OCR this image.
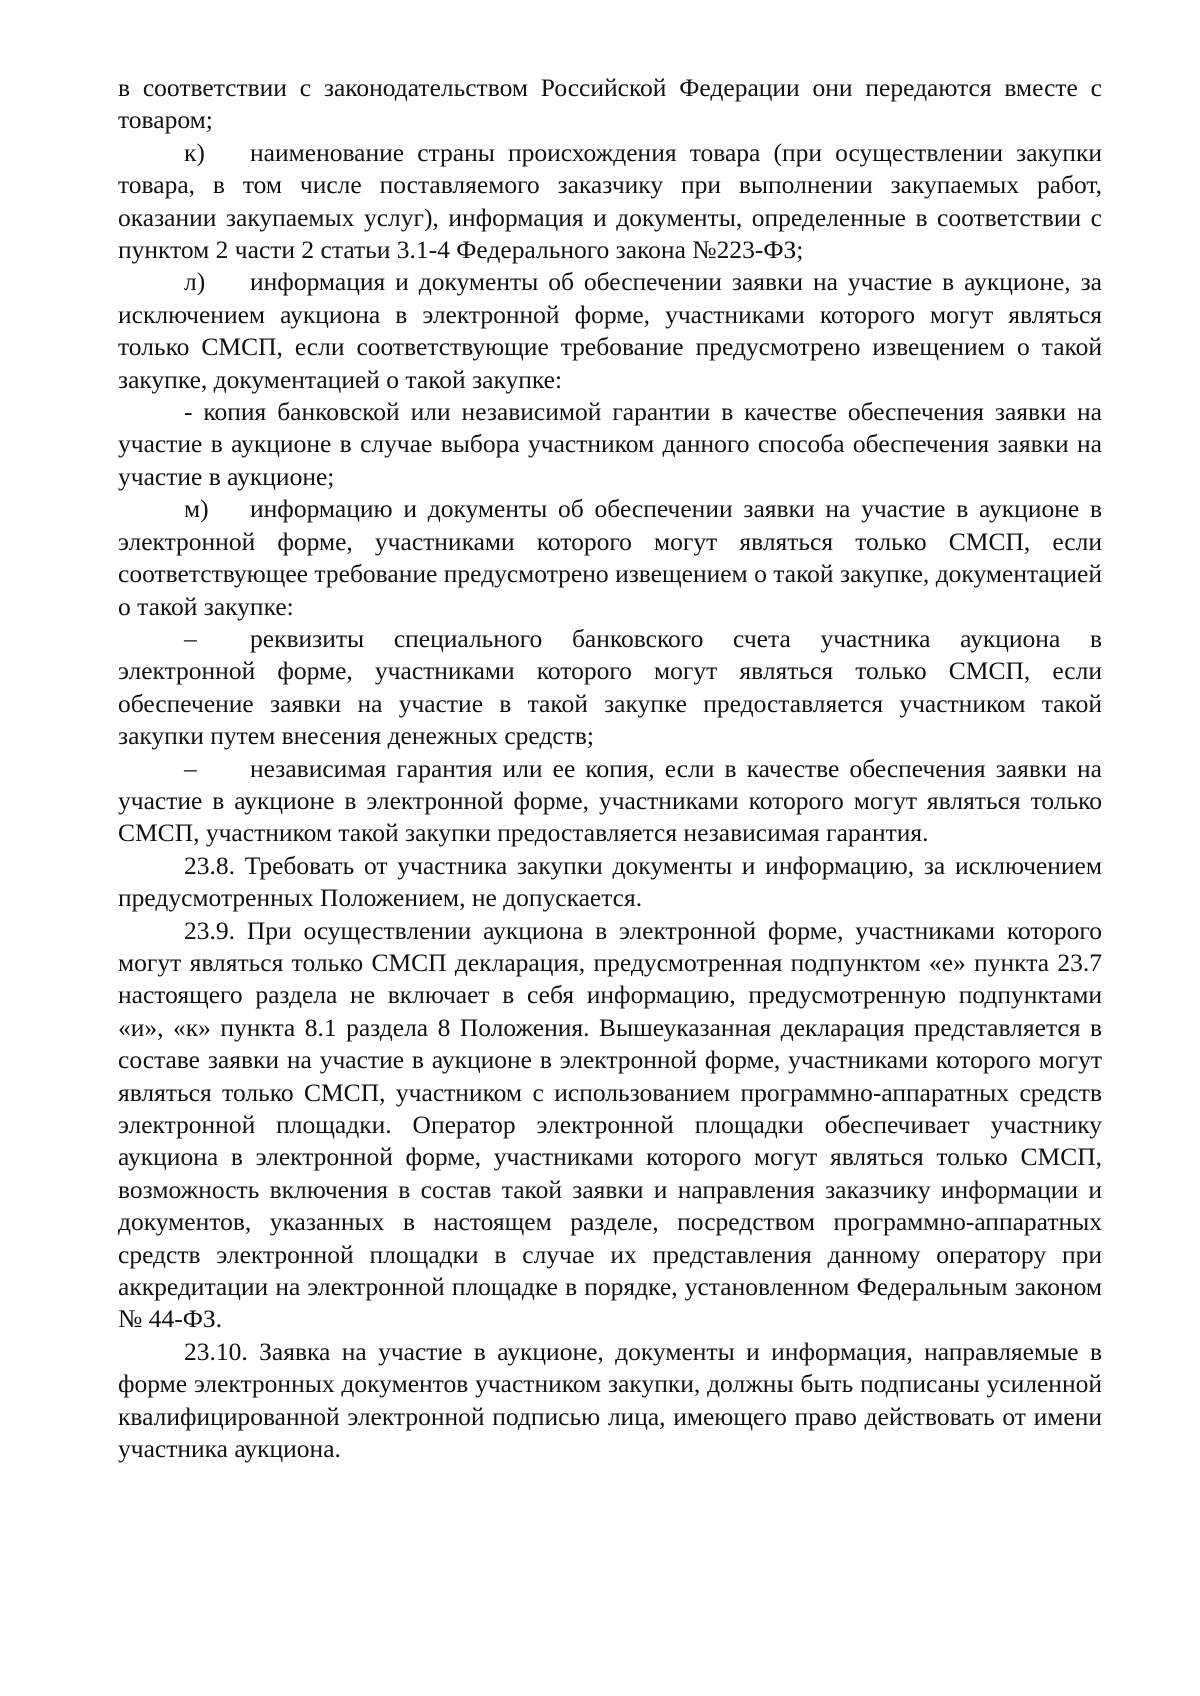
в соответствии с законодательством Российской Федерации они передаются вместе с товаром;

к) наименование страны происхождения товара (при осуществлении закупки товара, в том числе поставляемого заказчику при выполнении закупаемых работ, оказании закупаемых услуг), информация и документы, определенные в соответствии с пунктом 2 части 2 статьи 3.1-4 Федерального закона №223-ФЗ;

л) информация и документы об обеспечении заявки на участие в аукционе, за исключением аукциона в электронной форме, участниками которого могут являться только СМСП, если соответствующие требование предусмотрено извещением о такой закупке, документацией о такой закупке:

- копия банковской или независимой гарантии в качестве обеспечения заявки на участие в аукционе в случае выбора участником данного способа обеспечения заявки на участие в аукционе;

м) информацию и документы об обеспечении заявки на участие в аукционе в электронной форме, участниками которого могут являться только СМСП, если соответствующее требование предусмотрено извещением о такой закупке, документацией о такой закупке:

– реквизиты специального банковского счета участника аукциона в электронной форме, участниками которого могут являться только СМСП, если обеспечение заявки на участие в такой закупке предоставляется участником такой закупки путем внесения денежных средств;

– независимая гарантия или ее копия, если в качестве обеспечения заявки на участие в аукционе в электронной форме, участниками которого могут являться только СМСП, участником такой закупки предоставляется независимая гарантия.

23.8. Требовать от участника закупки документы и информацию, за исключением предусмотренных Положением, не допускается.

23.9. При осуществлении аукциона в электронной форме, участниками которого могут являться только СМСП декларация, предусмотренная подпунктом «е» пункта 23.7 настоящего раздела не включает в себя информацию, предусмотренную подпунктами «и», «к» пункта 8.1 раздела 8 Положения. Вышеуказанная декларация представляется в составе заявки на участие в аукционе в электронной форме, участниками которого могут являться только СМСП, участником с использованием программно-аппаратных средств электронной площадки. Оператор электронной площадки обеспечивает участнику аукциона в электронной форме, участниками которого могут являться только СМСП, возможность включения в состав такой заявки и направления заказчику информации и документов, указанных в настоящем разделе, посредством программно-аппаратных средств электронной площадки в случае их представления данному оператору при аккредитации на электронной площадке в порядке, установленном Федеральным законом № 44-ФЗ.

23.10. Заявка на участие в аукционе, документы и информация, направляемые в форме электронных документов участником закупки, должны быть подписаны усиленной квалифицированной электронной подписью лица, имеющего право действовать от имени участника аукциона.
